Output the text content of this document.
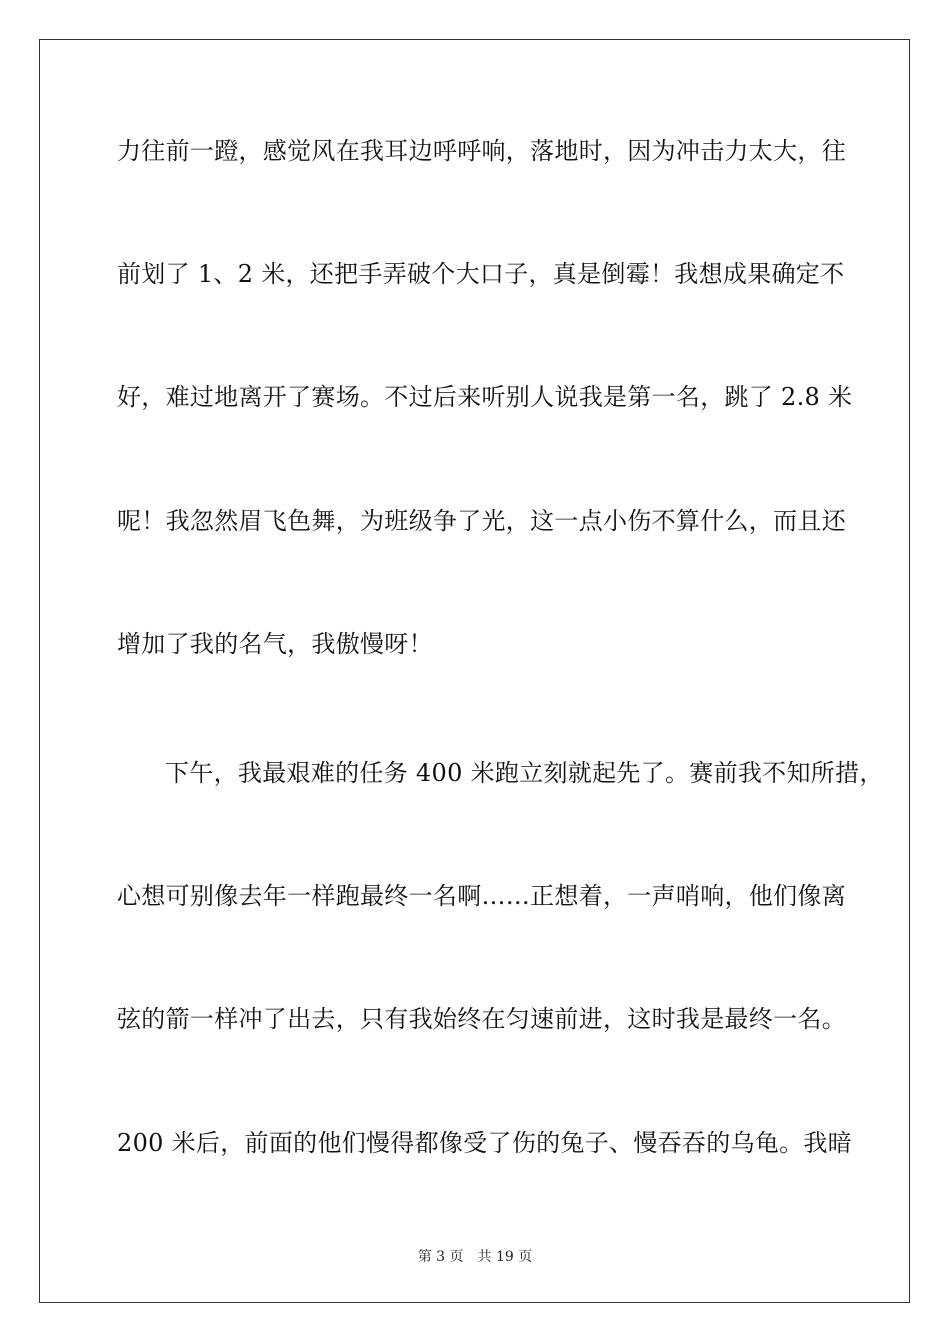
力往前一蹬，感觉风在我耳边呼呼响，落地时，因为冲击力太大，往
前划了 1、2 米，还把手弄破个大口子，真是倒霉！我想成果确定不
好，难过地离开了赛场。不过后来听别人说我是第一名，跳了 2.8 米
呢！我忽然眉飞色舞，为班级争了光，这一点小伤不算什么，而且还
增加了我的名气，我傲慢呀！
下午，我最艰难的任务 400 米跑立刻就起先了。赛前我不知所措，
心想可别像去年一样跑最终一名啊……正想着，一声哨响，他们像离
弦的箭一样冲了出去，只有我始终在匀速前进，这时我是最终一名。
200 米后，前面的他们慢得都像受了伤的兔子、慢吞吞的乌龟。我暗
第 3 页 共 19 页
